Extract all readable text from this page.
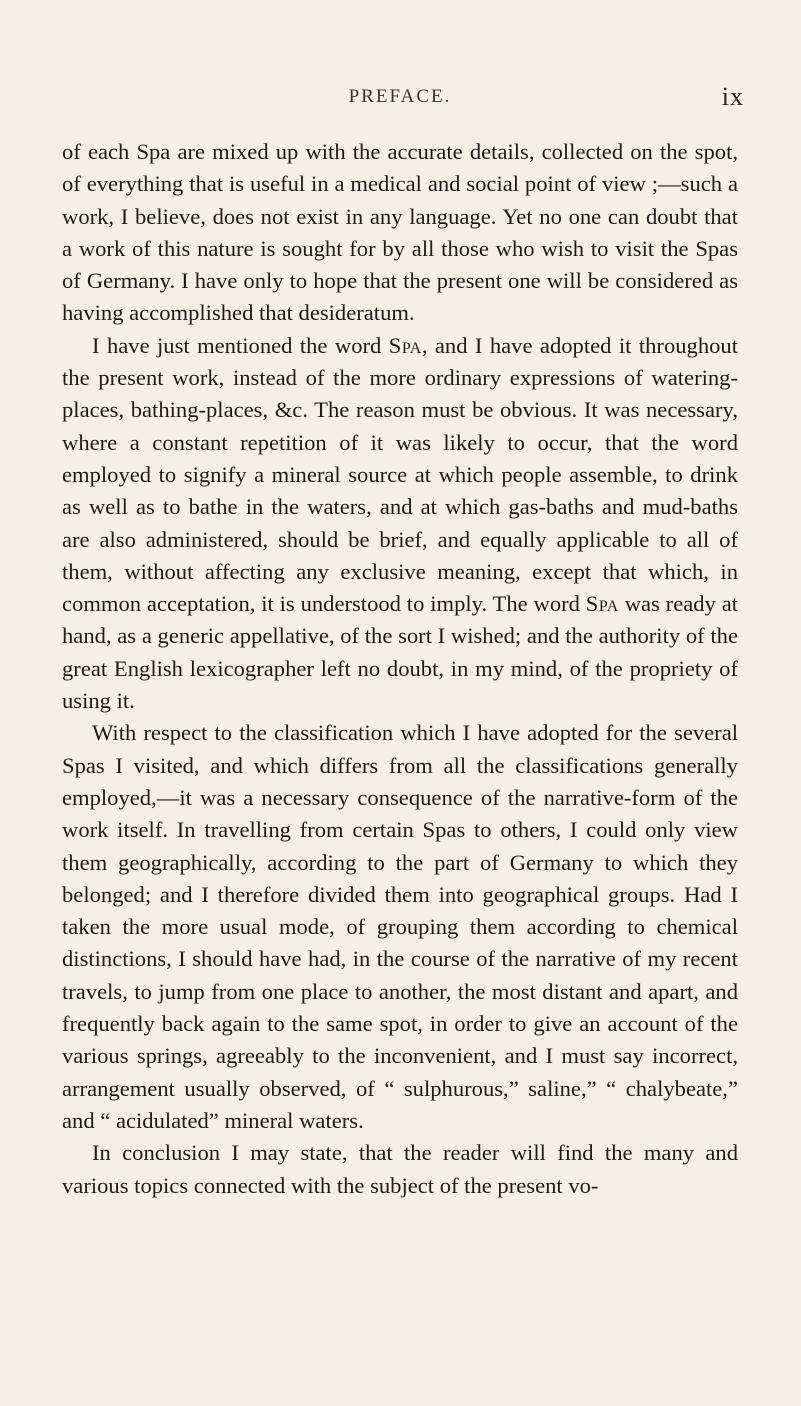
PREFACE.	ix

of each Spa are mixed up with the accurate details, collected on the spot, of everything that is useful in a medical and social point of view ;—such a work, I believe, does not exist in any language. Yet no one can doubt that a work of this nature is sought for by all those who wish to visit the Spas of Germany. I have only to hope that the present one will be considered as having accomplished that desideratum.

I have just mentioned the word Spa, and I have adopted it throughout the present work, instead of the more ordinary expressions of watering-places, bathing-places, &c. The reason must be obvious. It was necessary, where a constant repetition of it was likely to occur, that the word employed to signify a mineral source at which people assemble, to drink as well as to bathe in the waters, and at which gas-baths and mud-baths are also administered, should be brief, and equally applicable to all of them, without affecting any exclusive meaning, except that which, in common acceptation, it is understood to imply. The word Spa was ready at hand, as a generic appellative, of the sort I wished; and the authority of the great English lexicographer left no doubt, in my mind, of the propriety of using it.

With respect to the classification which I have adopted for the several Spas I visited, and which differs from all the classifications generally employed,—it was a necessary consequence of the narrative-form of the work itself. In travelling from certain Spas to others, I could only view them geographically, according to the part of Germany to which they belonged; and I therefore divided them into geographical groups. Had I taken the more usual mode, of grouping them according to chemical distinctions, I should have had, in the course of the narrative of my recent travels, to jump from one place to another, the most distant and apart, and frequently back again to the same spot, in order to give an account of the various springs, agreeably to the inconvenient, and I must say incorrect, arrangement usually observed, of “ sulphurous,” saline,” “ chalybeate,” and “ acidulated” mineral waters.

In conclusion I may state, that the reader will find the many and various topics connected with the subject of the present vo-
